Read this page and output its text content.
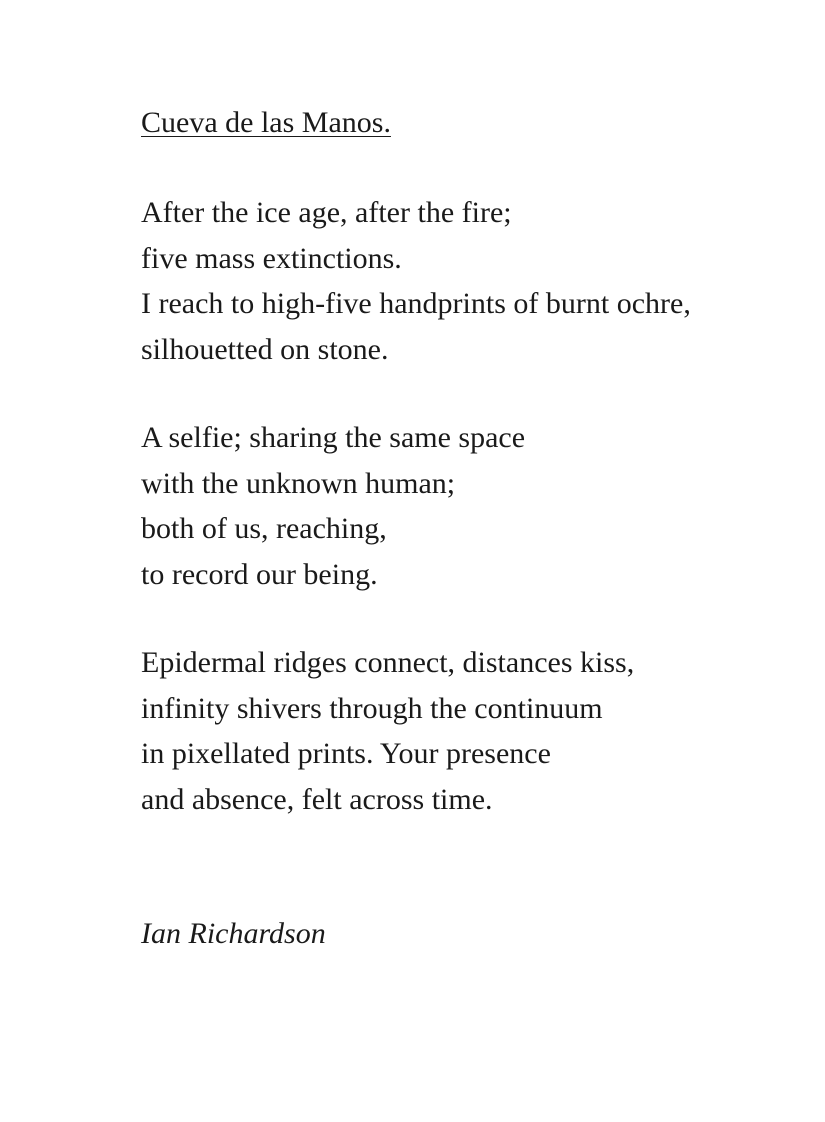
Cueva de las Manos.
After the ice age, after the fire;
five mass extinctions.
I reach to high-five handprints of burnt ochre,
silhouetted on stone.
A selfie; sharing the same space
with the unknown human;
both of us, reaching,
to record our being.
Epidermal ridges connect, distances kiss,
infinity shivers through the continuum
in pixellated prints. Your presence
and absence, felt across time.
Ian Richardson
